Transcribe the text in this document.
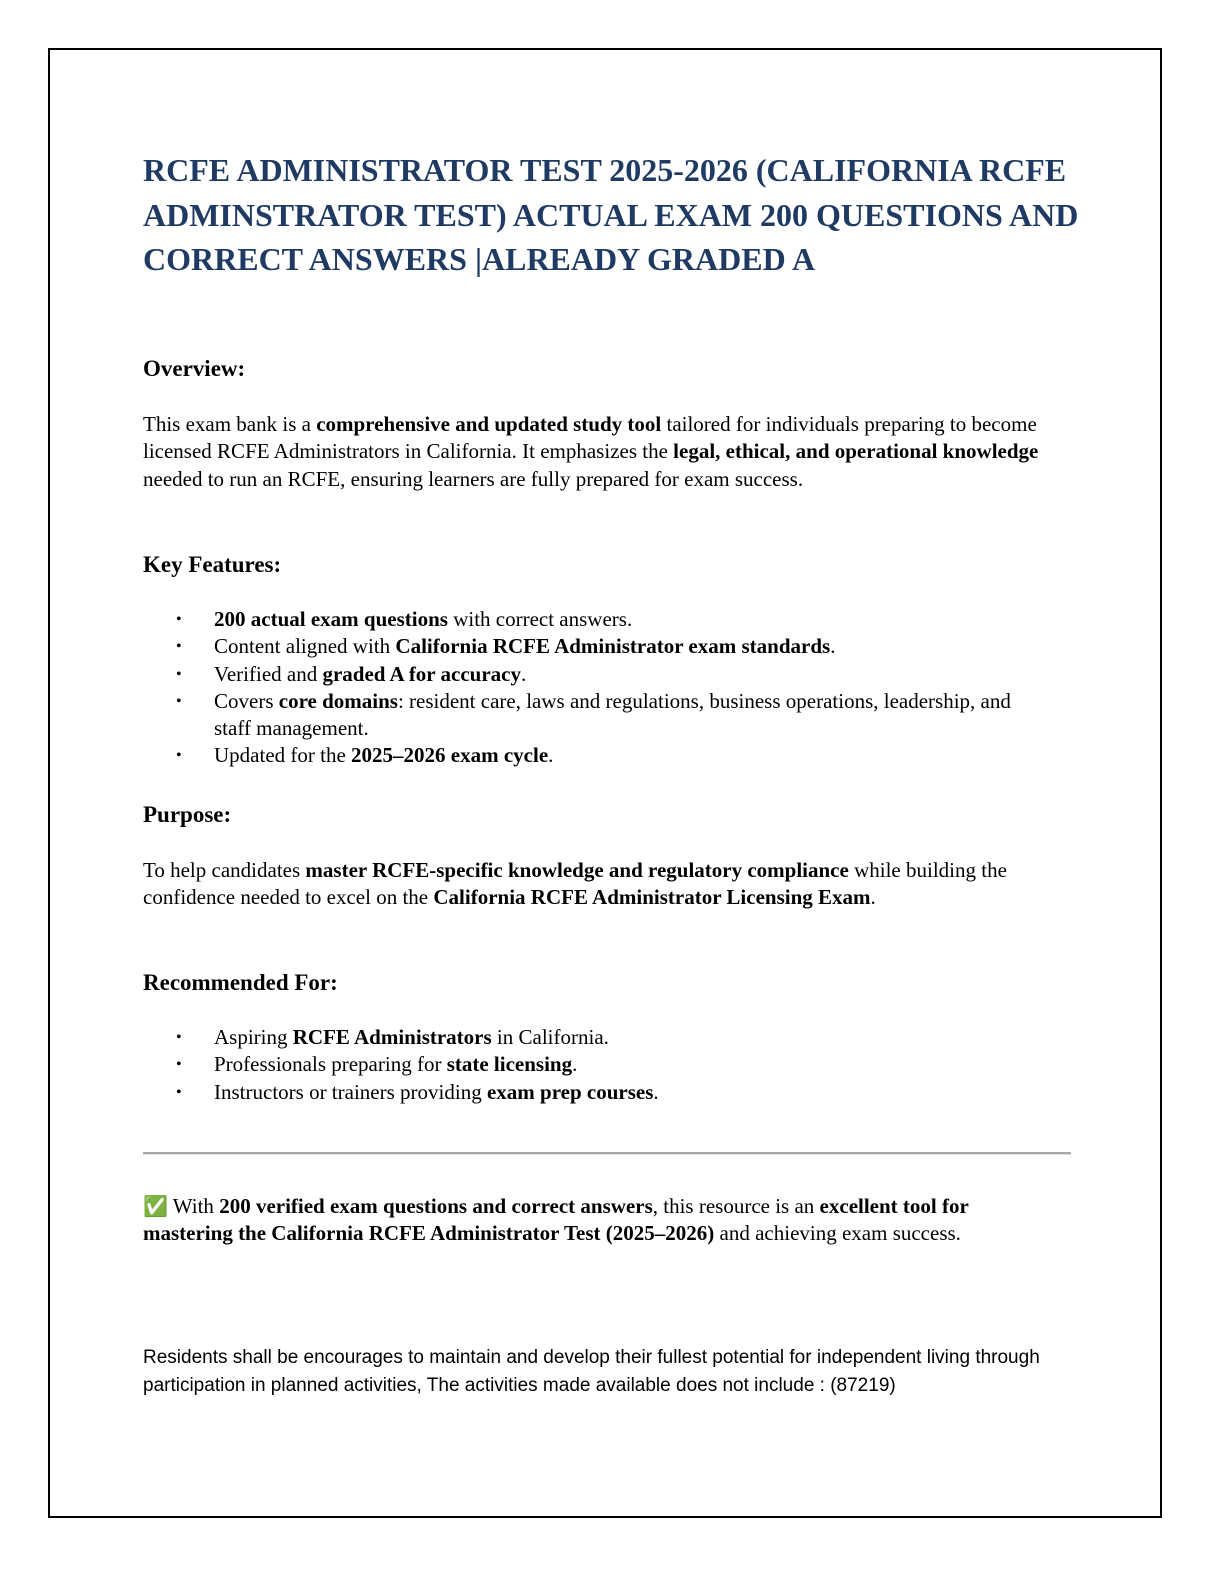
RCFE ADMINISTRATOR TEST 2025-2026 (CALIFORNIA RCFE ADMINSTRATOR TEST) ACTUAL EXAM 200 QUESTIONS AND CORRECT ANSWERS |ALREADY GRADED A
Overview:

This exam bank is a comprehensive and updated study tool tailored for individuals preparing to become licensed RCFE Administrators in California. It emphasizes the legal, ethical, and operational knowledge needed to run an RCFE, ensuring learners are fully prepared for exam success.

Key Features:
• 200 actual exam questions with correct answers.
• Content aligned with California RCFE Administrator exam standards.
• Verified and graded A for accuracy.
• Covers core domains: resident care, laws and regulations, business operations, leadership, and staff management.
• Updated for the 2025–2026 exam cycle.
Purpose:

To help candidates master RCFE-specific knowledge and regulatory compliance while building the confidence needed to excel on the California RCFE Administrator Licensing Exam.

Recommended For:
• Aspiring RCFE Administrators in California.
• Professionals preparing for state licensing.
• Instructors or trainers providing exam prep courses.

✅ With 200 verified exam questions and correct answers, this resource is an excellent tool for mastering the California RCFE Administrator Test (2025–2026) and achieving exam success.

Residents shall be encourages to maintain and develop their fullest potential for independent living through participation in planned activities, The activities made available does not include : (87219)
